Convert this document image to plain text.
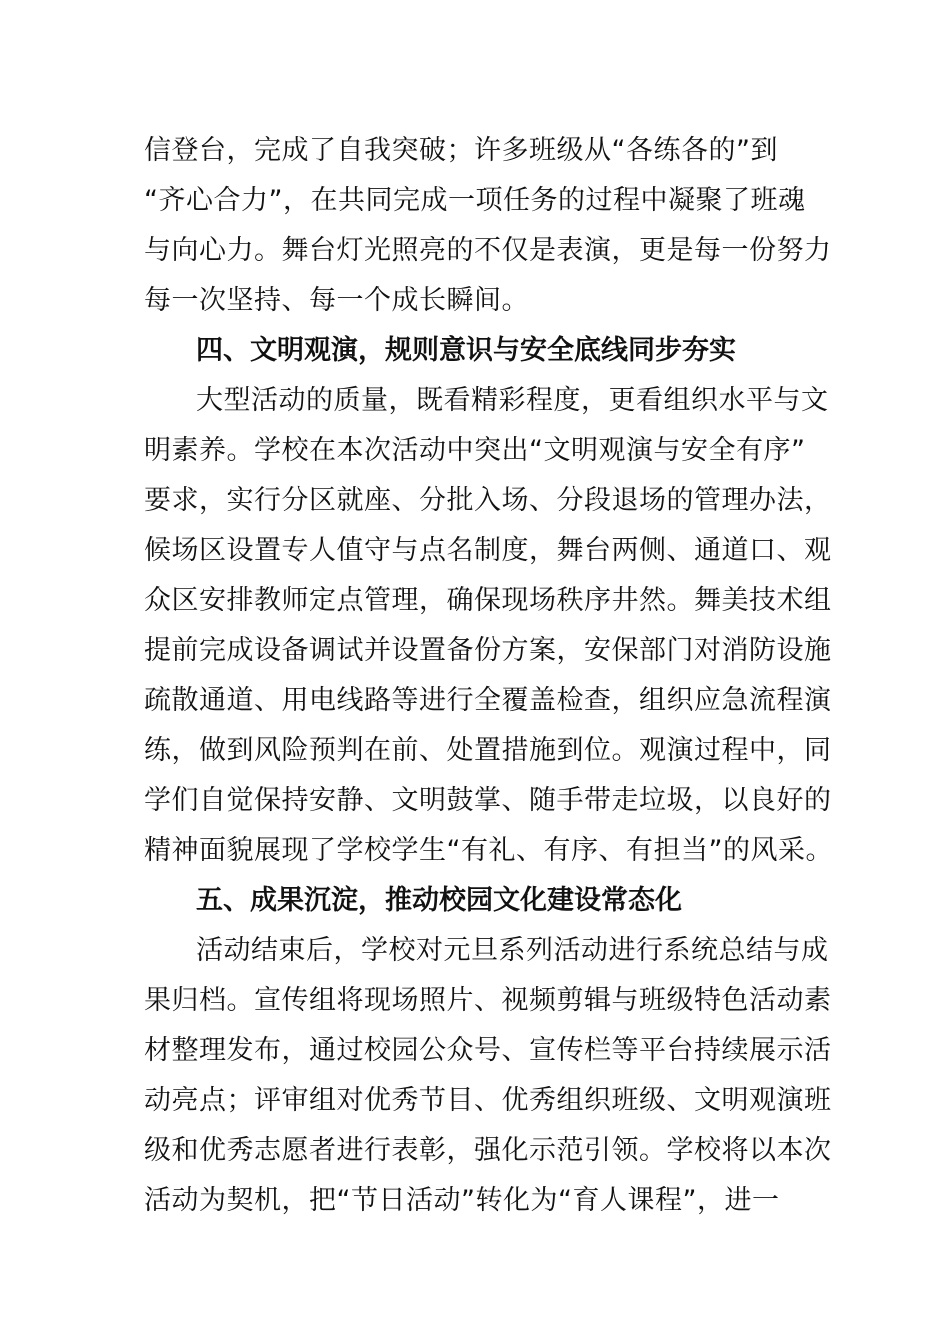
信登台，完成了自我突破；许多班级从“各练各的”到
“齐心合力”，在共同完成一项任务的过程中凝聚了班魂
与向心力。舞台灯光照亮的不仅是表演，更是每一份努力
每一次坚持、每一个成长瞬间。
四、文明观演，规则意识与安全底线同步夯实
大型活动的质量，既看精彩程度，更看组织水平与文
明素养。学校在本次活动中突出“文明观演与安全有序”
要求，实行分区就座、分批入场、分段退场的管理办法，
候场区设置专人值守与点名制度，舞台两侧、通道口、观
众区安排教师定点管理，确保现场秩序井然。舞美技术组
提前完成设备调试并设置备份方案，安保部门对消防设施
疏散通道、用电线路等进行全覆盖检查，组织应急流程演
练，做到风险预判在前、处置措施到位。观演过程中，同
学们自觉保持安静、文明鼓掌、随手带走垃圾，以良好的
精神面貌展现了学校学生“有礼、有序、有担当”的风采。
五、成果沉淀，推动校园文化建设常态化
活动结束后，学校对元旦系列活动进行系统总结与成
果归档。宣传组将现场照片、视频剪辑与班级特色活动素
材整理发布，通过校园公众号、宣传栏等平台持续展示活
动亮点；评审组对优秀节目、优秀组织班级、文明观演班
级和优秀志愿者进行表彰，强化示范引领。学校将以本次
活动为契机，把“节日活动”转化为“育人课程”，进一
